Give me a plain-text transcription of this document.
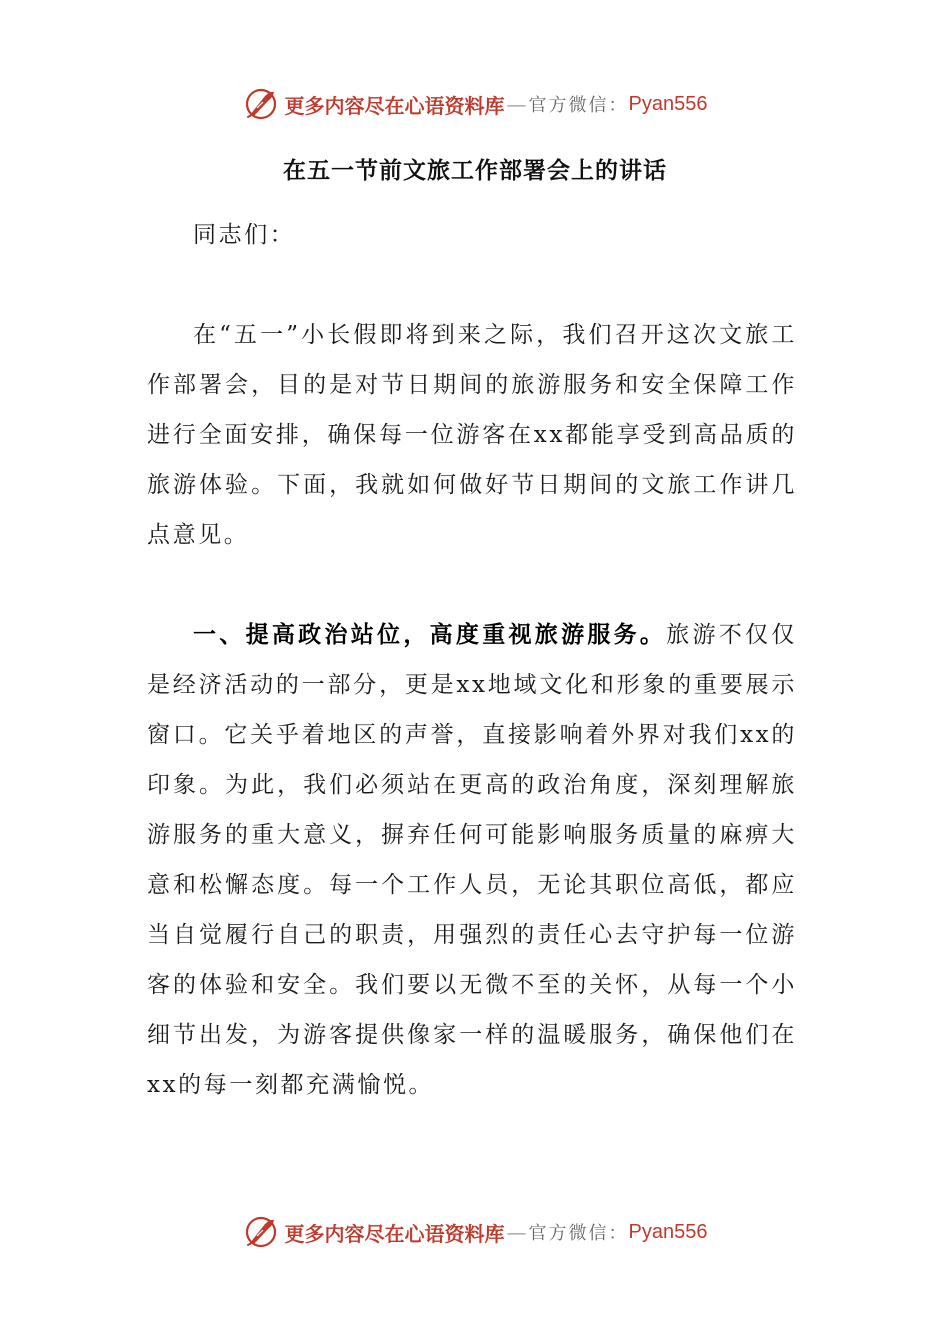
更多内容尽在心语资料库 — 官方微信： Pyan556
在五一节前文旅工作部署会上的讲话

同志们：

在“五一”小长假即将到来之际，我们召开这次文旅工作部署会，目的是对节日期间的旅游服务和安全保障工作进行全面安排，确保每一位游客在xx都能享受到高品质的旅游体验。下面，我就如何做好节日期间的文旅工作讲几点意见。

一、提高政治站位，高度重视旅游服务。旅游不仅仅是经济活动的一部分，更是xx地域文化和形象的重要展示窗口。它关乎着地区的声誉，直接影响着外界对我们xx的印象。为此，我们必须站在更高的政治角度，深刻理解旅游服务的重大意义，摒弃任何可能影响服务质量的麻痹大意和松懈态度。每一个工作人员，无论其职位高低，都应当自觉履行自己的职责，用强烈的责任心去守护每一位游客的体验和安全。我们要以无微不至的关怀，从每一个小细节出发，为游客提供像家一样的温暖服务，确保他们在xx的每一刻都充满愉悦。

更多内容尽在心语资料库 — 官方微信： Pyan556
